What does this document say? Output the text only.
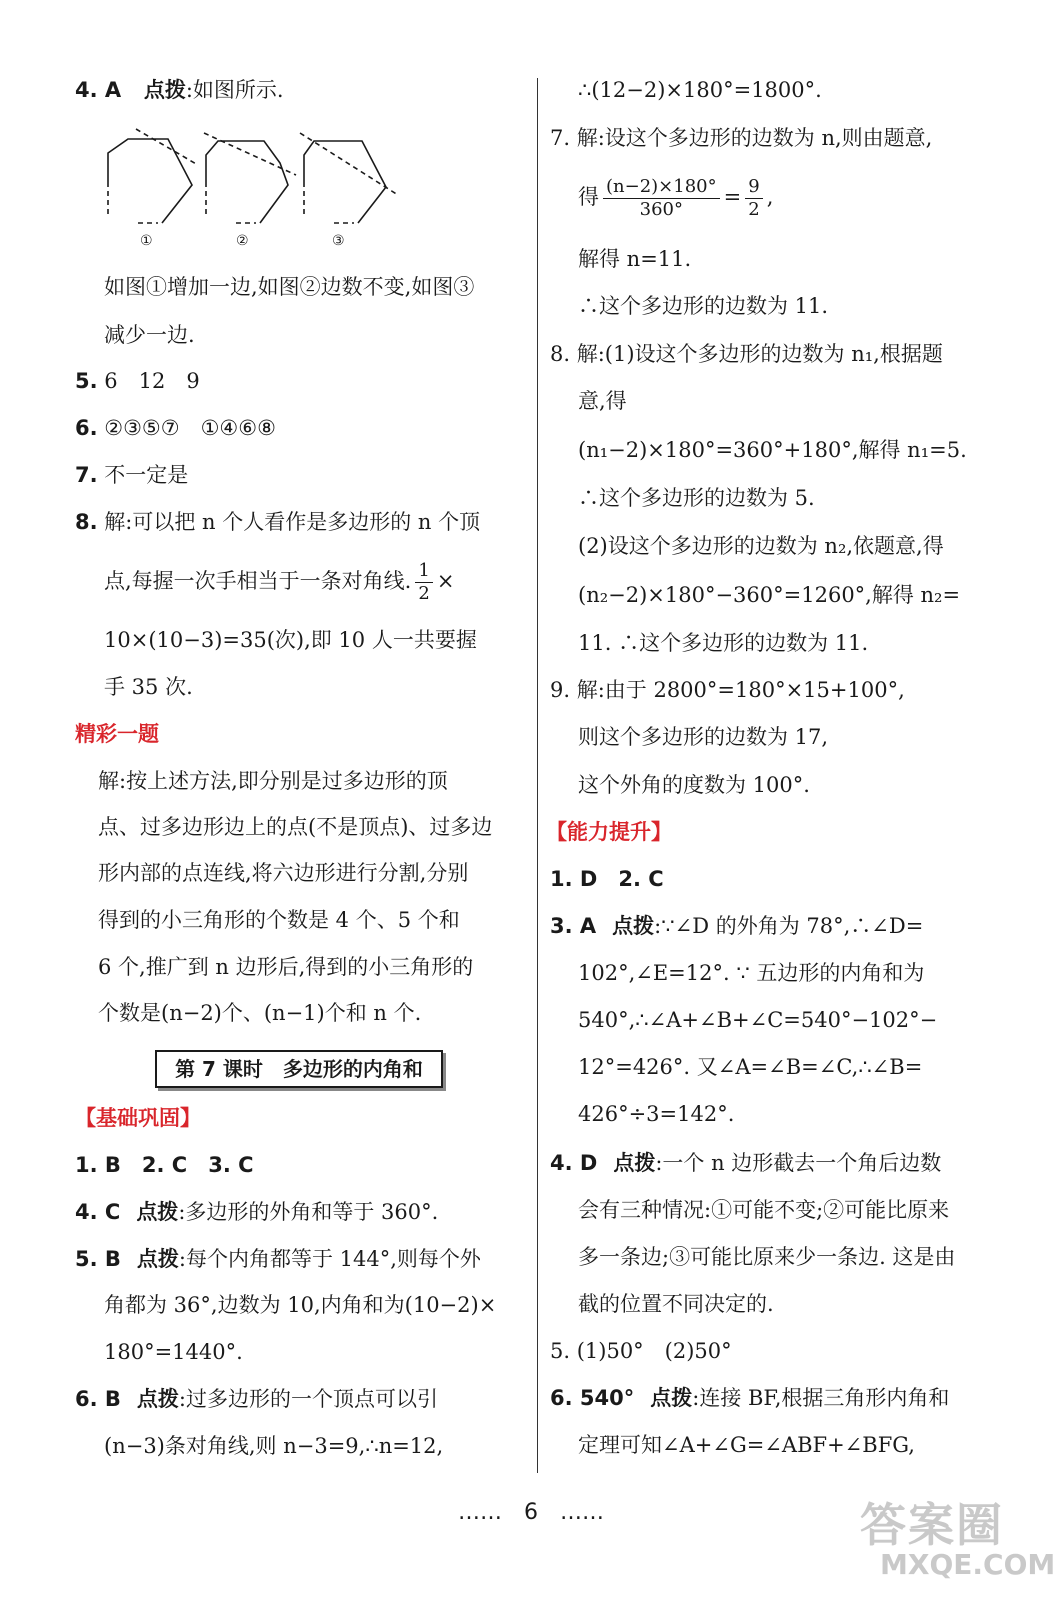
4. A 点拨:如图所示.
①	②	③
如图①增加一边,如图②边数不变,如图③
减少一边.
5. 6　12　9
6. ②③⑤⑦　①④⑥⑧
7. 不一定是
8. 解:可以把 n 个人看作是多边形的 n 个顶
点,每握一次手相当于一条对角线. $\frac{1}{2}$ ×
10×(10−3)=35(次),即 10 人一共要握
手 35 次.
精彩一题
解:按上述方法,即分别是过多边形的顶
点、过多边形边上的点(不是顶点)、过多边
形内部的点连线,将六边形进行分割,分别
得到的小三角形的个数是 4 个、5 个和
6 个,推广到 n 边形后,得到的小三角形的
个数是(n−2)个、(n−1)个和 n 个.
第 7 课时　多边形的内角和
【基础巩固】
1. B　2. C　3. C
4. C 点拨:多边形的外角和等于 360°.
5. B 点拨:每个内角都等于 144°,则每个外
角都为 36°,边数为 10,内角和为(10−2)×
180°=1440°.
6. B 点拨:过多边形的一个顶点可以引
(n−3)条对角线,则 n−3=9,∴n=12,
∴(12−2)×180°=1800°.
7. 解:设这个多边形的边数为 n,则由题意,
得 $\frac{(n-2)\times 180^\circ}{360^\circ} = \frac{9}{2}$ ,
解得 n=11.
∴这个多边形的边数为 11.
8. 解:(1)设这个多边形的边数为 n₁,根据题
意,得
(n₁−2)×180°=360°+180°,解得 n₁=5.
∴这个多边形的边数为 5.
(2)设这个多边形的边数为 n₂,依题意,得
(n₂−2)×180°−360°=1260°,解得 n₂=
11. ∴这个多边形的边数为 11.
9. 解:由于 2800°=180°×15+100°,
则这个多边形的边数为 17,
这个外角的度数为 100°.
【能力提升】
1. D　2. C
3. A 点拨:∵∠D 的外角为 78°,∴∠D=
102°,∠E=12°. ∵ 五边形的内角和为
540°,∴∠A+∠B+∠C=540°−102°−
12°=426°. 又∠A=∠B=∠C,∴∠B=
426°÷3=142°.
4. D 点拨:一个 n 边形截去一个角后边数
会有三种情况:①可能不变;②可能比原来
多一条边;③可能比原来少一条边. 这是由
截的位置不同决定的.
5. (1)50°　(2)50°
6. 540° 点拨:连接 BF,根据三角形内角和
定理可知∠A+∠G=∠ABF+∠BFG,
……　6　……	答案圈
MXQE.COM
